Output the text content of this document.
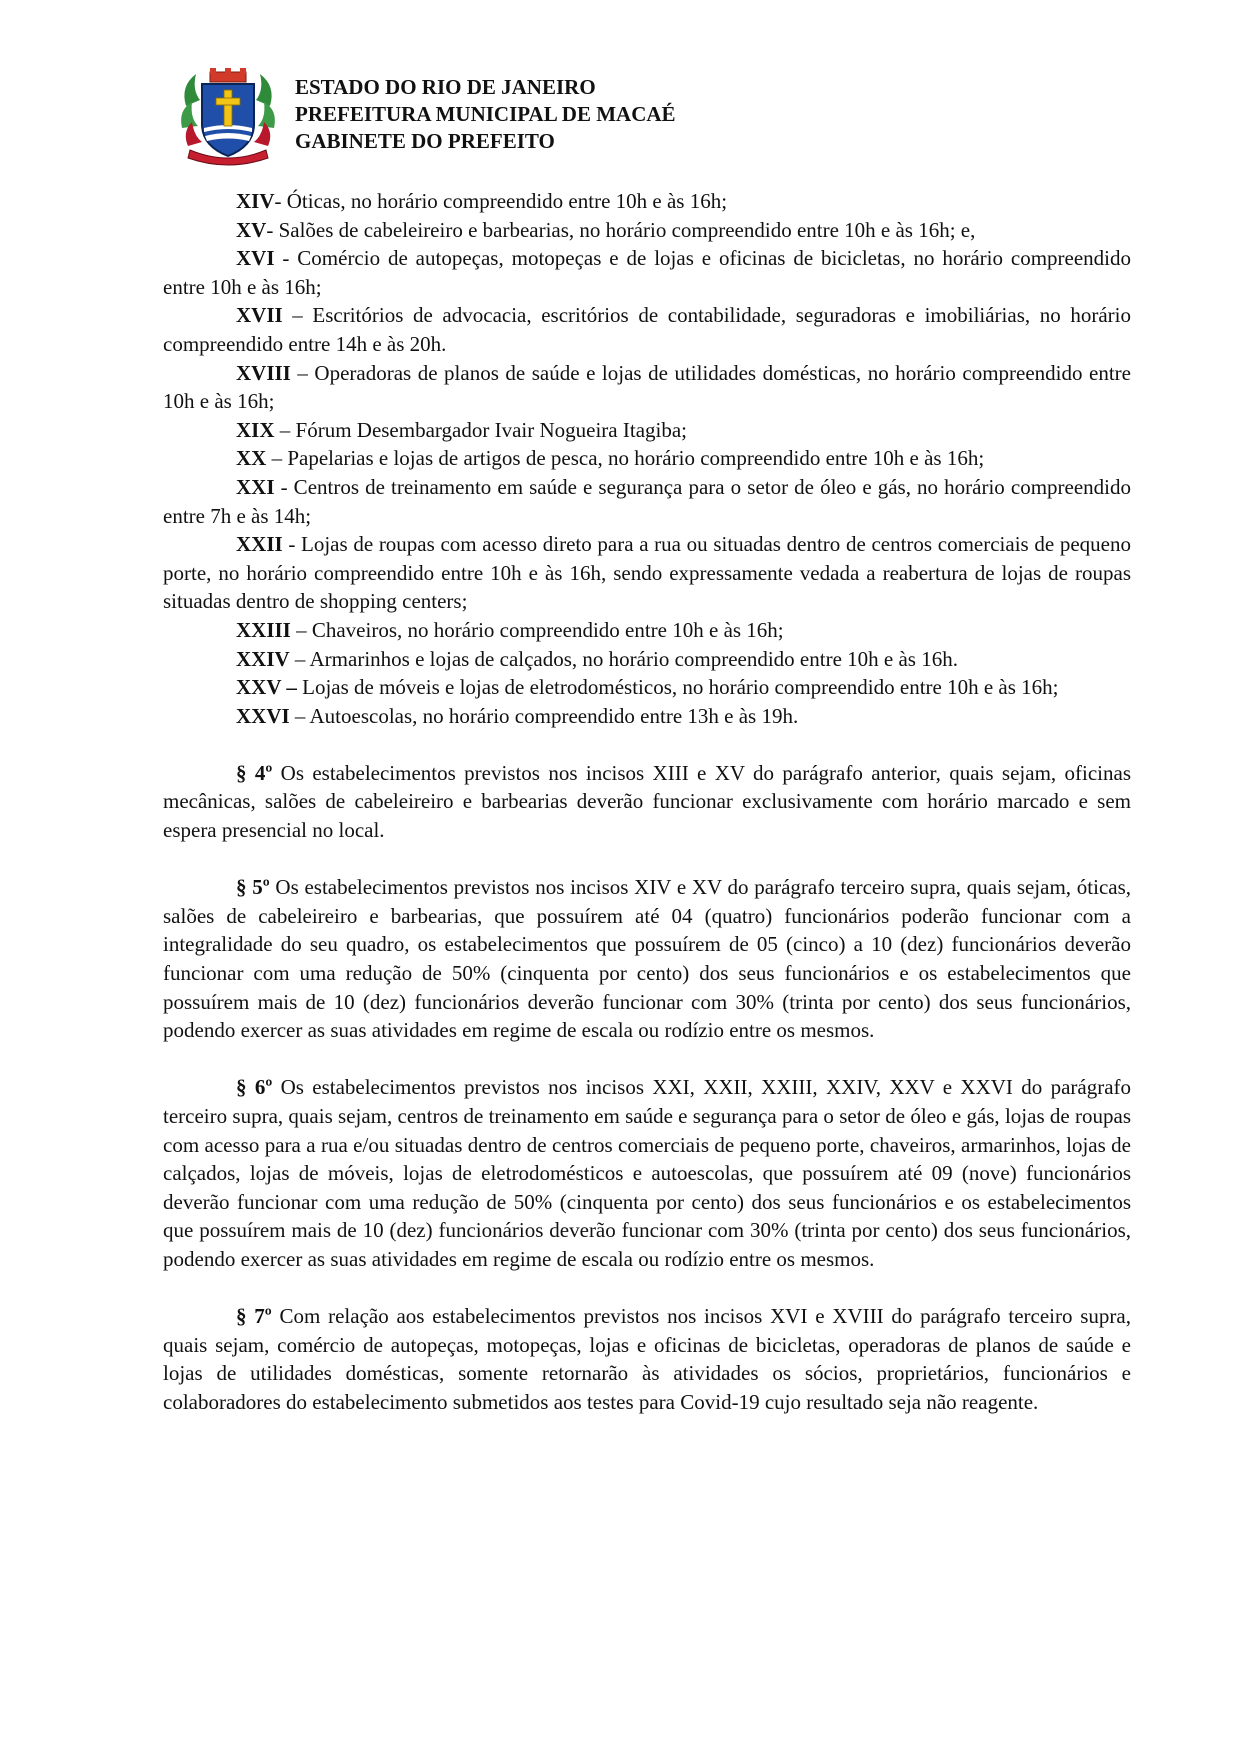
ESTADO DO RIO DE JANEIRO
PREFEITURA MUNICIPAL DE MACAÉ
GABINETE DO PREFEITO

XIV- Óticas, no horário compreendido entre 10h e às 16h;

XV- Salões de cabeleireiro e barbearias, no horário compreendido entre 10h e às 16h; e,

XVI - Comércio de autopeças, motopeças e de lojas e oficinas de bicicletas, no horário compreendido entre 10h e às 16h;

XVII – Escritórios de advocacia, escritórios de contabilidade, seguradoras e imobiliárias, no horário compreendido entre 14h e às 20h.

XVIII – Operadoras de planos de saúde e lojas de utilidades domésticas, no horário compreendido entre 10h e às 16h;

XIX – Fórum Desembargador Ivair Nogueira Itagiba;

XX – Papelarias e lojas de artigos de pesca, no horário compreendido entre 10h e às 16h;

XXI - Centros de treinamento em saúde e segurança para o setor de óleo e gás, no horário compreendido entre 7h e às 14h;

XXII - Lojas de roupas com acesso direto para a rua ou situadas dentro de centros comerciais de pequeno porte, no horário compreendido entre 10h e às 16h, sendo expressamente vedada a reabertura de lojas de roupas situadas dentro de shopping centers;

XXIII – Chaveiros, no horário compreendido entre 10h e às 16h;

XXIV – Armarinhos e lojas de calçados, no horário compreendido entre 10h e às 16h.

XXV – Lojas de móveis e lojas de eletrodomésticos, no horário compreendido entre 10h e às 16h;

XXVI – Autoescolas, no horário compreendido entre 13h e às 19h.

§ 4º Os estabelecimentos previstos nos incisos XIII e XV do parágrafo anterior, quais sejam, oficinas mecânicas, salões de cabeleireiro e barbearias deverão funcionar exclusivamente com horário marcado e sem espera presencial no local.

§ 5º Os estabelecimentos previstos nos incisos XIV e XV do parágrafo terceiro supra, quais sejam, óticas, salões de cabeleireiro e barbearias, que possuírem até 04 (quatro) funcionários poderão funcionar com a integralidade do seu quadro, os estabelecimentos que possuírem de 05 (cinco) a 10 (dez) funcionários deverão funcionar com uma redução de 50% (cinquenta por cento) dos seus funcionários e os estabelecimentos que possuírem mais de 10 (dez) funcionários deverão funcionar com 30% (trinta por cento) dos seus funcionários, podendo exercer as suas atividades em regime de escala ou rodízio entre os mesmos.

§ 6º Os estabelecimentos previstos nos incisos XXI, XXII, XXIII, XXIV, XXV e XXVI do parágrafo terceiro supra, quais sejam, centros de treinamento em saúde e segurança para o setor de óleo e gás, lojas de roupas com acesso para a rua e/ou situadas dentro de centros comerciais de pequeno porte, chaveiros, armarinhos, lojas de calçados, lojas de móveis, lojas de eletrodomésticos e autoescolas, que possuírem até 09 (nove) funcionários deverão funcionar com uma redução de 50% (cinquenta por cento) dos seus funcionários e os estabelecimentos que possuírem mais de 10 (dez) funcionários deverão funcionar com 30% (trinta por cento) dos seus funcionários, podendo exercer as suas atividades em regime de escala ou rodízio entre os mesmos.

§ 7º Com relação aos estabelecimentos previstos nos incisos XVI e XVIII do parágrafo terceiro supra, quais sejam, comércio de autopeças, motopeças, lojas e oficinas de bicicletas, operadoras de planos de saúde e lojas de utilidades domésticas, somente retornarão às atividades os sócios, proprietários, funcionários e colaboradores do estabelecimento submetidos aos testes para Covid-19 cujo resultado seja não reagente.
